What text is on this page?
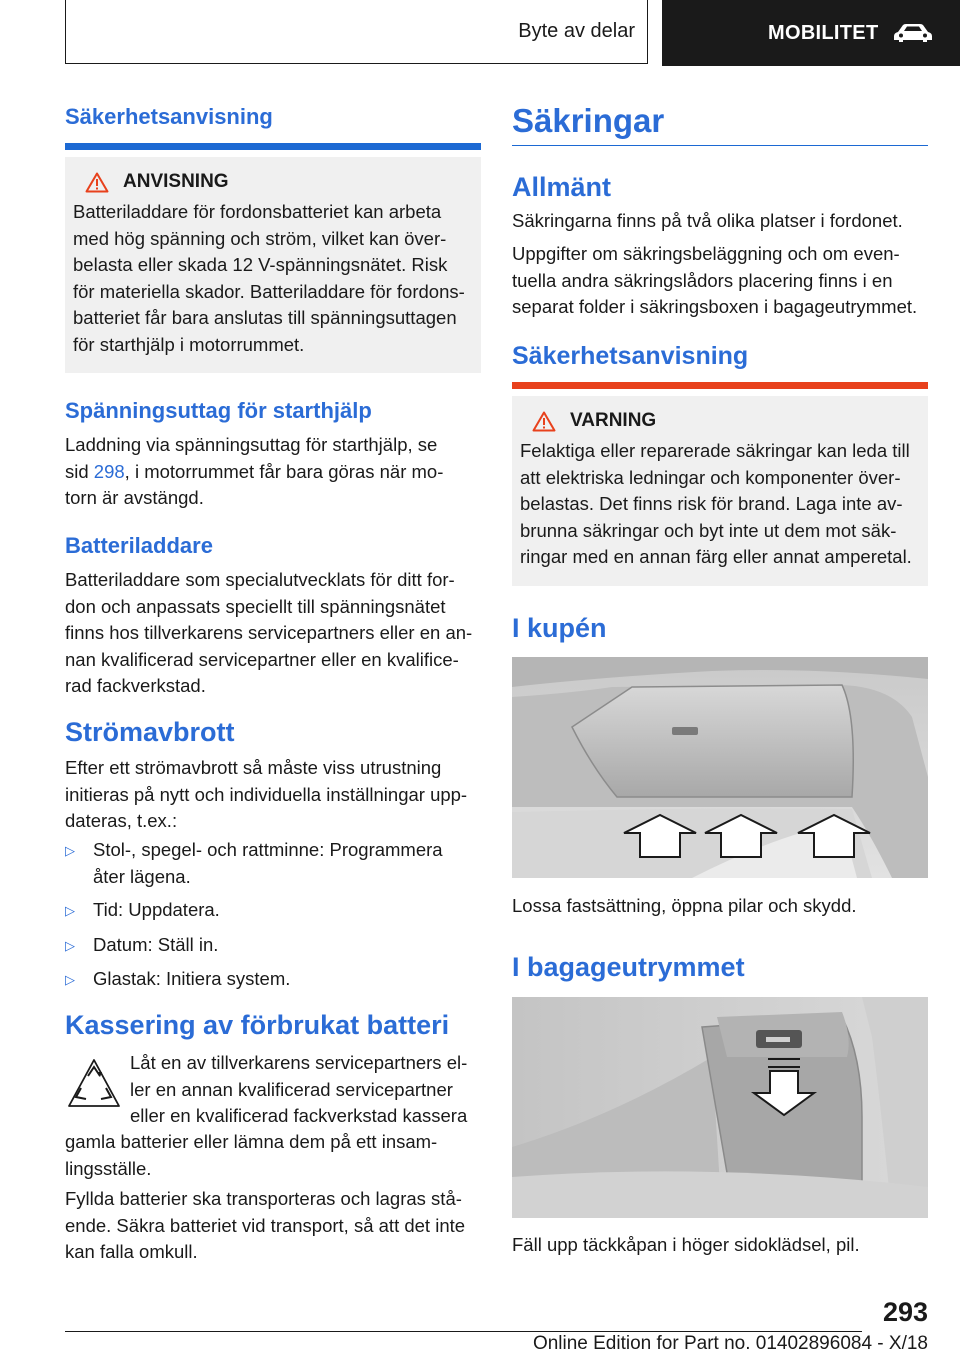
Byte av delar	MOBILITET
Säkerhetsanvisning
ANVISNING

Batteriladdare för fordonsbatteriet kan arbeta
med hög spänning och ström, vilket kan över-
belasta eller skada 12 V-spänningsnätet. Risk
för materiella skador. Batteriladdare för fordons-
batteriet får bara anslutas till spänningsuttagen
för starthjälp i motorrummet.

Spänningsuttag för starthjälp

Laddning via spänningsuttag för starthjälp, se
sid 298, i motorrummet får bara göras när mo-
torn är avstängd.

Batteriladdare

Batteriladdare som specialutvecklats för ditt for-
don och anpassats speciellt till spänningsnätet
finns hos tillverkarens servicepartners eller en an-
nan kvalificerad servicepartner eller en kvalifice-
rad fackverkstad.

Strömavbrott

Efter ett strömavbrott så måste viss utrustning
initieras på nytt och individuella inställningar upp-
dateras, t.ex.:

▷ Stol-, spegel- och rattminne: Programmera
åter lägena.
▷ Tid: Uppdatera.
▷ Datum: Ställ in.
▷ Glastak: Initiera system.
Kassering av förbrukat batteri

Låt en av tillverkarens servicepartners el-
ler en annan kvalificerad servicepartner
eller en kvalificerad fackverkstad kassera

gamla batterier eller lämna dem på ett insam-
lingsställe.

Fyllda batterier ska transporteras och lagras stå-
ende. Säkra batteriet vid transport, så att det inte
kan falla omkull.

Säkringar
Allmänt

Säkringarna finns på två olika platser i fordonet.

Uppgifter om säkringsbeläggning och om even-
tuella andra säkringslådors placering finns i en
separat folder i säkringsboxen i bagageutrymmet.

Säkerhetsanvisning
VARNING

Felaktiga eller reparerade säkringar kan leda till
att elektriska ledningar och komponenter över-
belastas. Det finns risk för brand. Laga inte av-
brunna säkringar och byt inte ut dem mot säk-
ringar med en annan färg eller annat amperetal.

I kupén

Lossa fastsättning, öppna pilar och skydd.

I bagageutrymmet

Fäll upp täckkåpan i höger sidoklädsel, pil.

293
Online Edition for Part no. 01402896084 - X/18
